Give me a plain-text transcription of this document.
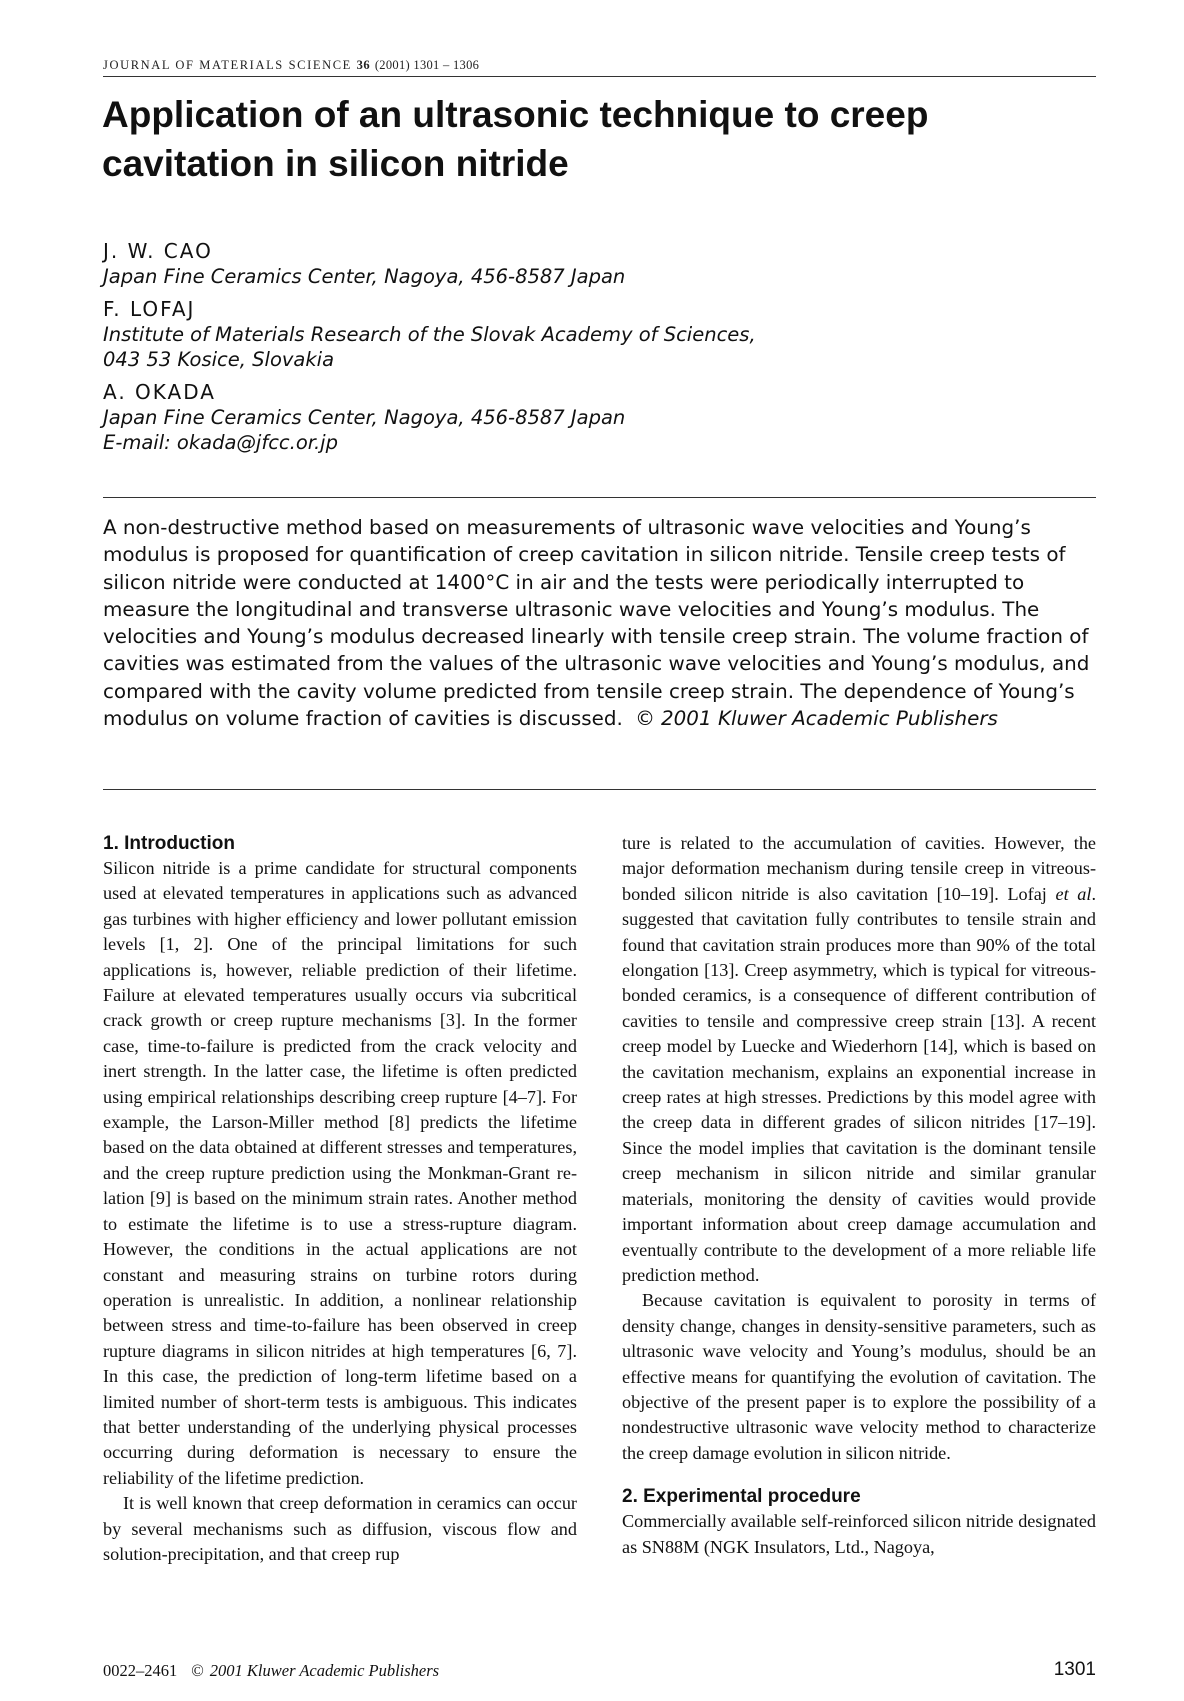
JOURNAL OF MATERIALS SCIENCE 36 (2001) 1301 – 1306
Application of an ultrasonic technique to creep cavitation in silicon nitride
J. W. CAO
Japan Fine Ceramics Center, Nagoya, 456-8587 Japan
F. LOFAJ
Institute of Materials Research of the Slovak Academy of Sciences,
043 53 Kosice, Slovakia
A. OKADA
Japan Fine Ceramics Center, Nagoya, 456-8587 Japan
E-mail: okada@jfcc.or.jp

A non-destructive method based on measurements of ultrasonic wave velocities and Young’s modulus is proposed for quantification of creep cavitation in silicon nitride. Tensile creep tests of silicon nitride were conducted at 1400°C in air and the tests were periodically interrupted to measure the longitudinal and transverse ultrasonic wave velocities and Young’s modulus. The velocities and Young’s modulus decreased linearly with tensile creep strain. The volume fraction of cavities was estimated from the values of the ultrasonic wave velocities and Young’s modulus, and compared with the cavity volume predicted from tensile creep strain. The dependence of Young’s modulus on volume fraction of cavities is discussed. © 2001 Kluwer Academic Publishers

1. Introduction

Silicon nitride is a prime candidate for structural components used at elevated temperatures in applications such as advanced gas turbines with higher efficiency and lower pollutant emission levels [1, 2]. One of the principal limitations for such applications is, however, reliable prediction of their lifetime. Failure at elevated temperatures usually occurs via subcritical crack growth or creep rupture mechanisms [3]. In the former case, time-to-failure is predicted from the crack velocity and inert strength. In the latter case, the lifetime is often predicted using empirical relationships describing creep rupture [4–7]. For example, the Larson-Miller method [8] predicts the lifetime based on the data obtained at different stresses and temperatures, and the creep rupture prediction using the Monkman-Grant relation [9] is based on the minimum strain rates. Another method to estimate the lifetime is to use a stress-rupture diagram. However, the conditions in the actual applications are not constant and measuring strains on turbine rotors during operation is unrealistic. In addition, a nonlinear relationship between stress and time-to-failure has been observed in creep rupture diagrams in silicon nitrides at high temperatures [6, 7]. In this case, the prediction of long-term lifetime based on a limited number of short-term tests is ambiguous. This indicates that better understanding of the underlying physical processes occurring during deformation is necessary to ensure the reliability of the lifetime prediction.

It is well known that creep deformation in ceramics can occur by several mechanisms such as diffusion, viscous flow and solution-precipitation, and that creep rup

ture is related to the accumulation of cavities. However, the major deformation mechanism during tensile creep in vitreous-bonded silicon nitride is also cavitation [10–19]. Lofaj et al. suggested that cavitation fully contributes to tensile strain and found that cavitation strain produces more than 90% of the total elongation [13]. Creep asymmetry, which is typical for vitreous-bonded ceramics, is a consequence of different contribution of cavities to tensile and compressive creep strain [13]. A recent creep model by Luecke and Wiederhorn [14], which is based on the cavitation mechanism, explains an exponential increase in creep rates at high stresses. Predictions by this model agree with the creep data in different grades of silicon nitrides [17–19]. Since the model implies that cavitation is the dominant tensile creep mechanism in silicon nitride and similar granular materials, monitoring the density of cavities would provide important information about creep damage accumulation and eventually contribute to the development of a more reliable life prediction method.

Because cavitation is equivalent to porosity in terms of density change, changes in density-sensitive parameters, such as ultrasonic wave velocity and Young’s modulus, should be an effective means for quantifying the evolution of cavitation. The objective of the present paper is to explore the possibility of a nondestructive ultrasonic wave velocity method to characterize the creep damage evolution in silicon nitride.

2. Experimental procedure

Commercially available self-reinforced silicon nitride designated as SN88M (NGK Insulators, Ltd., Nagoya,

0022–2461 © 2001 Kluwer Academic Publishers	1301
